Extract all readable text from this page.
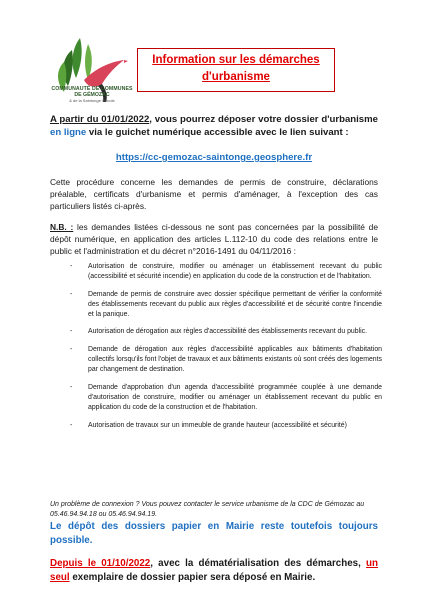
COMMUNAUTÉ DE COMMUNES
DE GÉMOZAC
& de la Saintonge Viticole
Information sur les démarches
d'urbanisme
A partir du 01/01/2022, vous pourrez déposer votre dossier d'urbanisme en ligne via le guichet numérique accessible avec le lien suivant :
https://cc-gemozac-saintonge.geosphere.fr
Cette procédure concerne les demandes de permis de construire, déclarations préalable, certificats d'urbanisme et permis d'aménager, à l'exception des cas particuliers listés ci-après.
N.B. : les demandes listées ci-dessous ne sont pas concernées par la possibilité de dépôt numérique, en application des articles L.112-10 du code des relations entre le public et l'administration et du décret n°2016-1491 du 04/11/2016 :
- Autorisation de construire, modifier ou aménager un établissement recevant du public (accessibilité et sécurité incendie) en application du code de la construction et de l'habitation.
- Demande de permis de construire avec dossier spécifique permettant de vérifier la conformité des établissements recevant du public aux règles d'accessibilité et de sécurité contre l'incendie et la panique.
- Autorisation de dérogation aux règles d'accessibilité des établissements recevant du public.
- Demande de dérogation aux règles d'accessibilité applicables aux bâtiments d'habitation collectifs lorsqu'ils font l'objet de travaux et aux bâtiments existants où sont créés des logements par changement de destination.
- Demande d'approbation d'un agenda d'accessibilité programmée couplée à une demande d'autorisation de construire, modifier ou aménager un établissement recevant du public en application du code de la construction et de l'habitation.
- Autorisation de travaux sur un immeuble de grande hauteur (accessibilité et sécurité)
Un problème de connexion ? Vous pouvez contacter le service urbanisme de la CDC de Gémozac au 05.46.94.94.18 ou 05.46.94.94.19.
Le dépôt des dossiers papier en Mairie reste toutefois toujours possible.
Depuis le 01/10/2022, avec la dématérialisation des démarches, un seul exemplaire de dossier papier sera déposé en Mairie.
